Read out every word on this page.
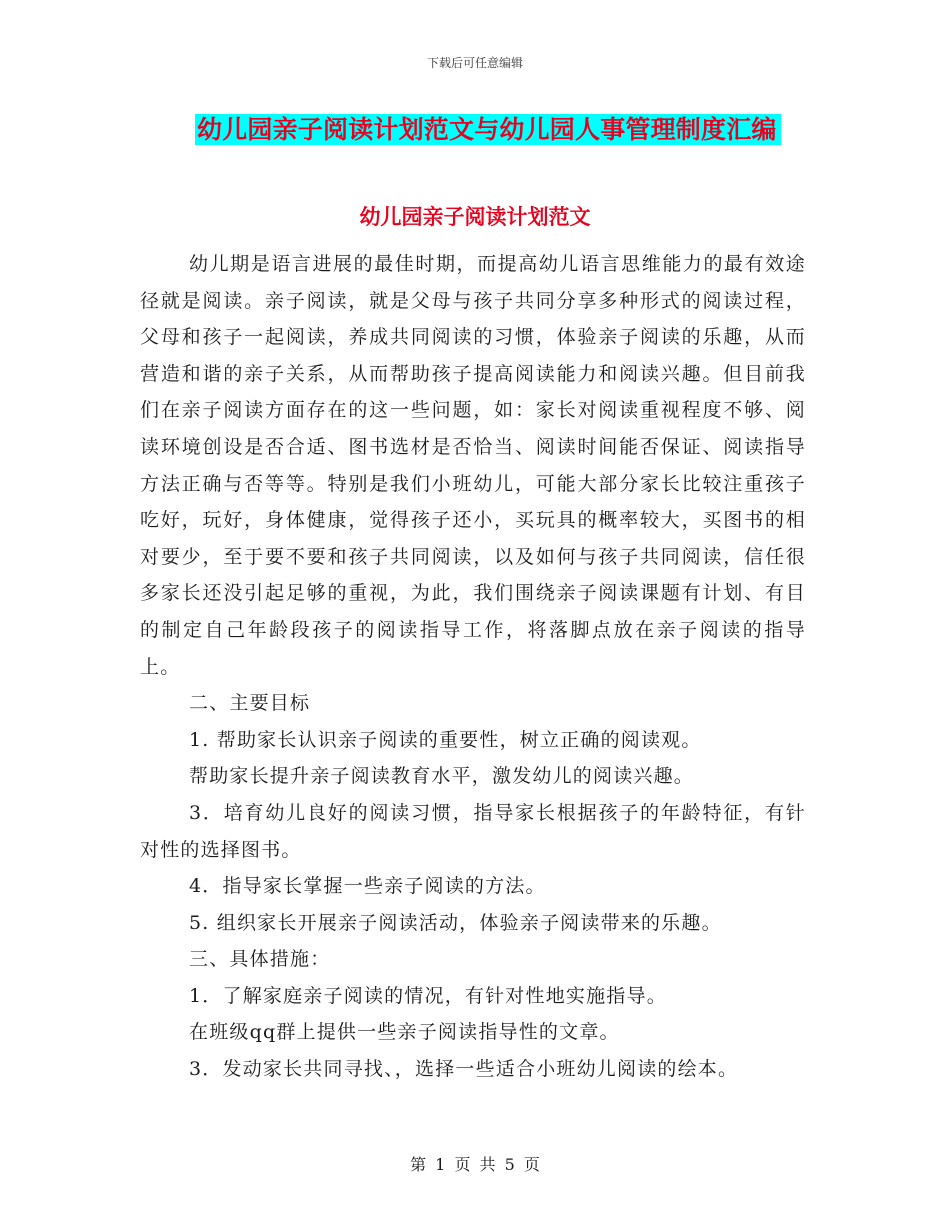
下载后可任意编辑
幼儿园亲子阅读计划范文与幼儿园人事管理制度汇编
幼儿园亲子阅读计划范文

幼儿期是语言进展的最佳时期，而提高幼儿语言思维能力的最有效途径就是阅读。亲子阅读，就是父母与孩子共同分享多种形式的阅读过程，父母和孩子一起阅读，养成共同阅读的习惯，体验亲子阅读的乐趣，从而营造和谐的亲子关系，从而帮助孩子提高阅读能力和阅读兴趣。但目前我们在亲子阅读方面存在的这一些问题，如：家长对阅读重视程度不够、阅读环境创设是否合适、图书选材是否恰当、阅读时间能否保证、阅读指导方法正确与否等等。特别是我们小班幼儿，可能大部分家长比较注重孩子吃好，玩好，身体健康，觉得孩子还小，买玩具的概率较大，买图书的相对要少，至于要不要和孩子共同阅读，以及如何与孩子共同阅读，信任很多家长还没引起足够的重视，为此，我们围绕亲子阅读课题有计划、有目的制定自己年龄段孩子的阅读指导工作，将落脚点放在亲子阅读的指导上。

二、主要目标

1. 帮助家长认识亲子阅读的重要性，树立正确的阅读观。

帮助家长提升亲子阅读教育水平，激发幼儿的阅读兴趣。

3．培育幼儿良好的阅读习惯，指导家长根据孩子的年龄特征，有针对性的选择图书。

4．指导家长掌握一些亲子阅读的方法。

5. 组织家长开展亲子阅读活动，体验亲子阅读带来的乐趣。

三、具体措施：

1．了解家庭亲子阅读的情况，有针对性地实施指导。

在班级qq群上提供一些亲子阅读指导性的文章。

3．发动家长共同寻找、，选择一些适合小班幼儿阅读的绘本。

第 1 页 共 5 页
